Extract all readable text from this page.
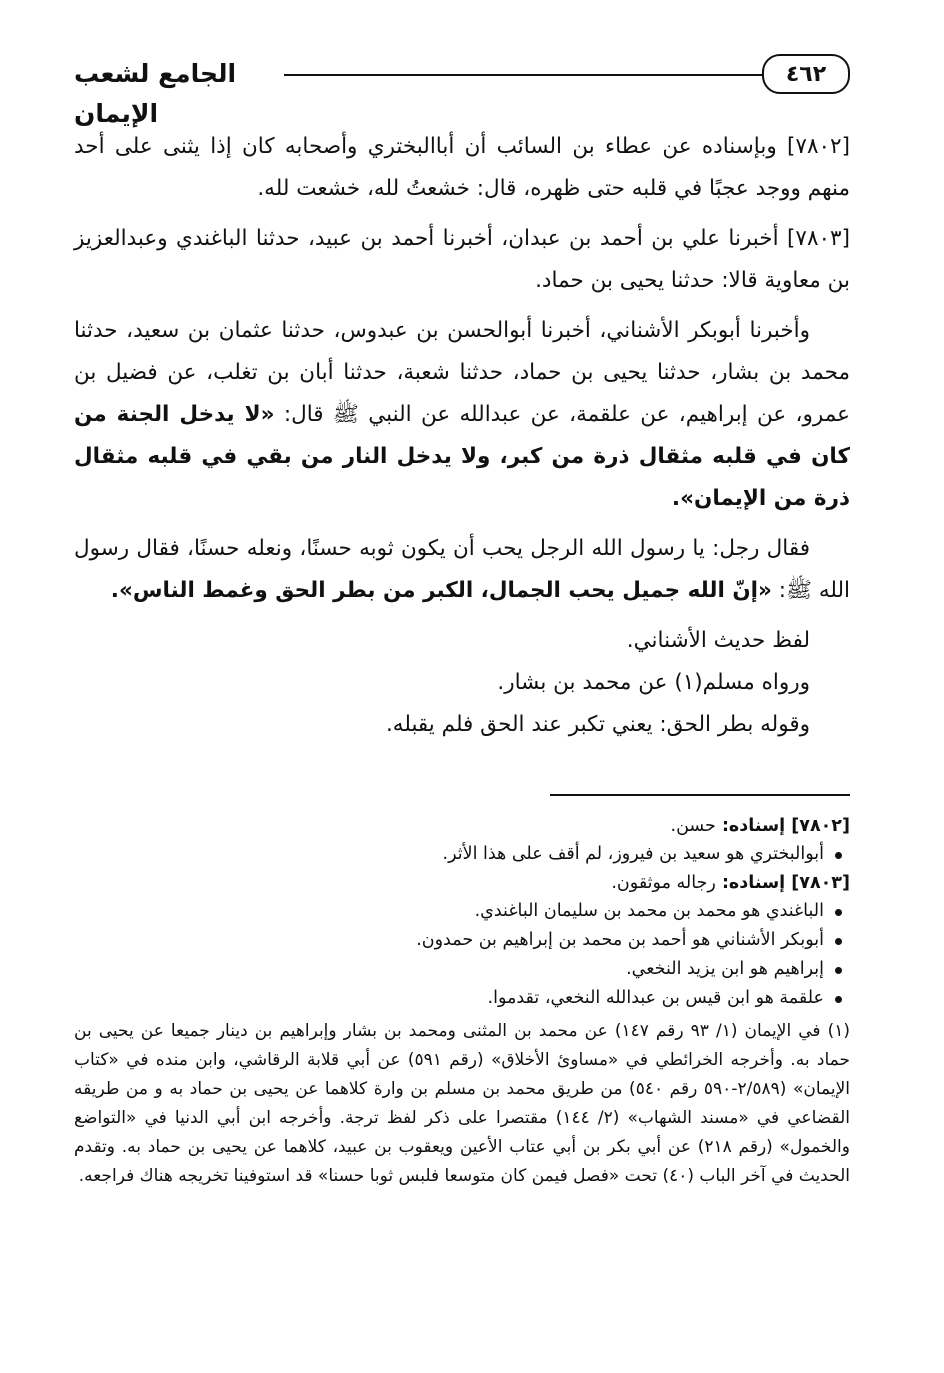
٤٦٢
الجامع لشعب الإيمان

[٧٨٠٢] وبإسناده عن عطاء بن السائب أن أباالبختري وأصحابه كان إذا يثنى على أحد منهم ووجد عجبًا في قلبه حتى ظهره، قال: خشعتُ لله، خشعت لله.

[٧٨٠٣] أخبرنا علي بن أحمد بن عبدان، أخبرنا أحمد بن عبيد، حدثنا الباغندي وعبدالعزيز بن معاوية قالا: حدثنا يحيى بن حماد.

وأخبرنا أبوبكر الأشناني، أخبرنا أبوالحسن بن عبدوس، حدثنا عثمان بن سعيد، حدثنا محمد بن بشار، حدثنا يحيى بن حماد، حدثنا شعبة، حدثنا أبان بن تغلب، عن فضيل بن عمرو، عن إبراهيم، عن علقمة، عن عبدالله عن النبي ﷺ قال: «لا يدخل الجنة من كان في قلبه مثقال ذرة من كبر، ولا يدخل النار من بقي في قلبه مثقال ذرة من الإيمان».

فقال رجل: يا رسول الله الرجل يحب أن يكون ثوبه حسنًا، ونعله حسنًا، فقال رسول الله ﷺ: «إنّ الله جميل يحب الجمال، الكبر من بطر الحق وغمط الناس».

لفظ حديث الأشناني.

ورواه مسلم(١) عن محمد بن بشار.

وقوله بطر الحق: يعني تكبر عند الحق فلم يقبله.

[٧٨٠٢] إسناده: حسن.

أبوالبختري هو سعيد بن فيروز، لم أقف على هذا الأثر.

[٧٨٠٣] إسناده: رجاله موثقون.

الباغندي هو محمد بن محمد بن سليمان الباغندي.
أبوبكر الأشناني هو أحمد بن محمد بن إبراهيم بن حمدون.
إبراهيم هو ابن يزيد النخعي.
علقمة هو ابن قيس بن عبدالله النخعي، تقدموا.

(١) في الإيمان (١/ ٩٣ رقم ١٤٧) عن محمد بن المثنى ومحمد بن بشار وإبراهيم بن دينار جميعا عن يحيى بن حماد به. وأخرجه الخرائطي في «مساوئ الأخلاق» (رقم ٥٩١) عن أبي قلابة الرقاشي، وابن منده في «كتاب الإيمان» (٢/٥٨٩-٥٩٠ رقم ٥٤٠) من طريق محمد بن مسلم بن وارة كلاهما عن يحيى بن حماد به و من طريقه القضاعي في «مسند الشهاب» (٢/ ١٤٤) مقتصرا على ذكر لفظ ترجة. وأخرجه ابن أبي الدنيا في «التواضع والخمول» (رقم ٢١٨) عن أبي بكر بن أبي عتاب الأعين ويعقوب بن عبيد، كلاهما عن يحيى بن حماد به. وتقدم الحديث في آخر الباب (٤٠) تحت «فصل فيمن كان متوسعا فلبس ثوبا حسنا» قد استوفينا تخريجه هناك فراجعه.
